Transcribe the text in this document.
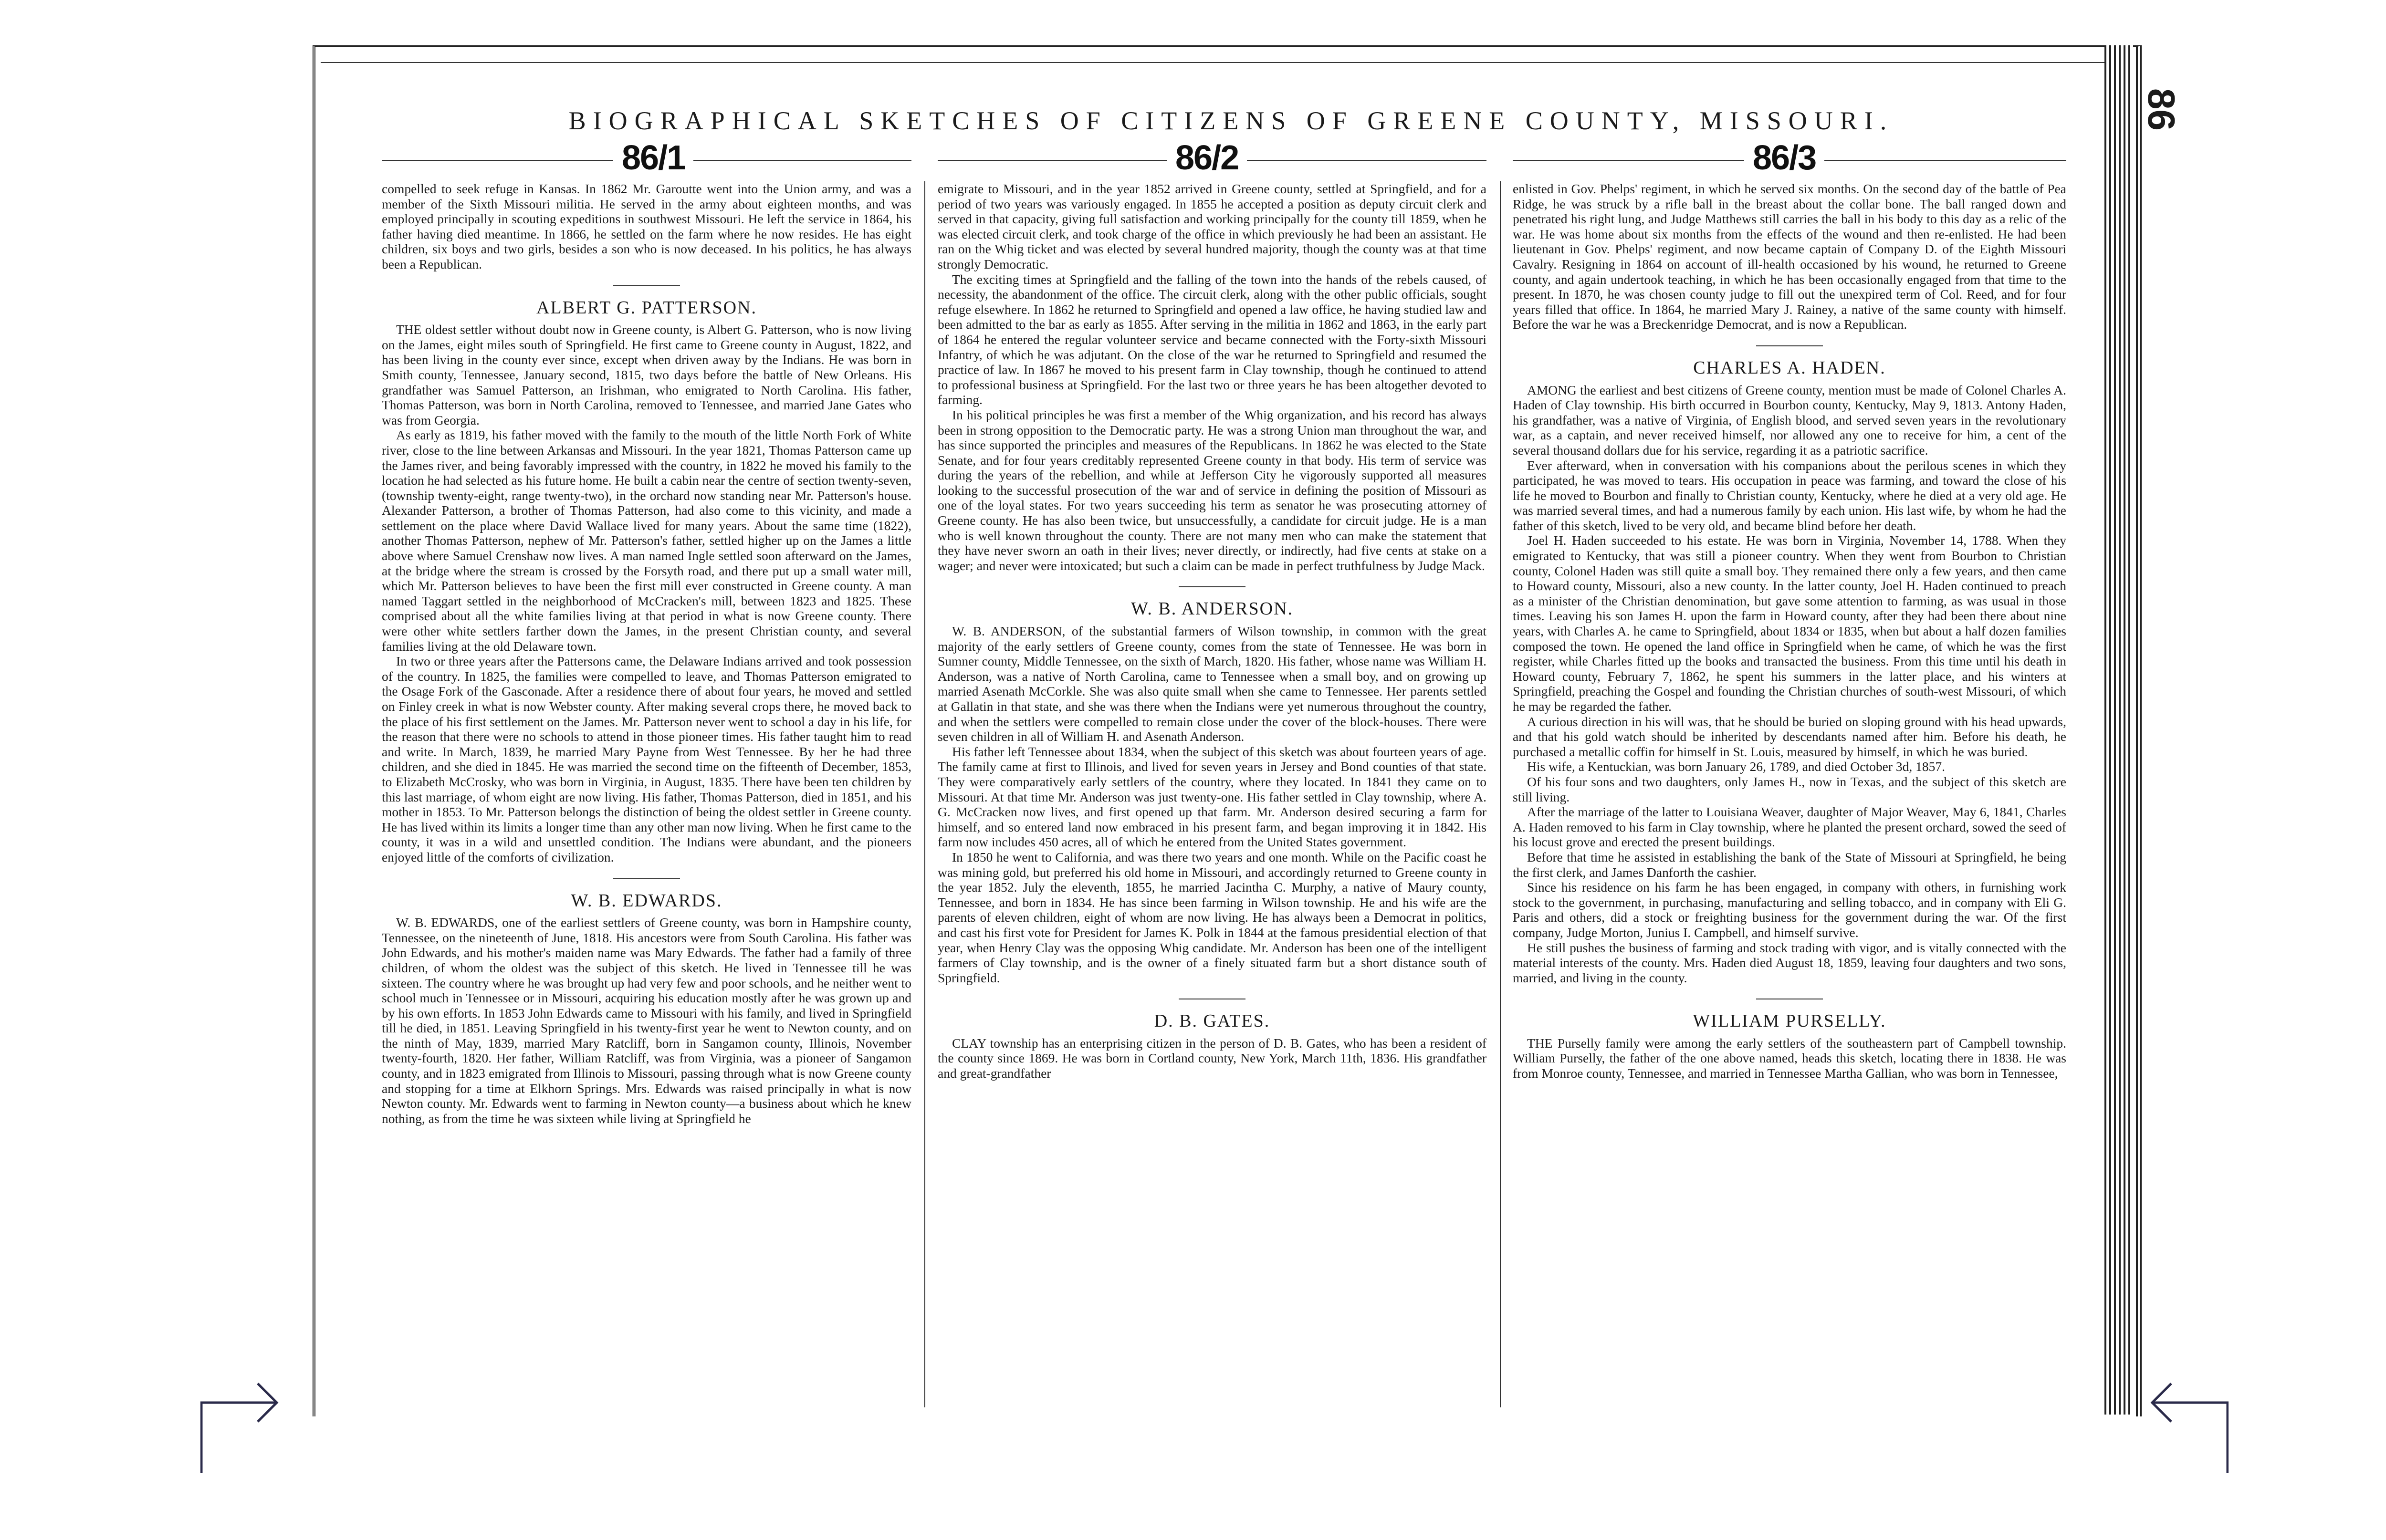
86
BIOGRAPHICAL SKETCHES OF CITIZENS OF GREENE COUNTY, MISSOURI.
86/1	86/2	86/3

compelled to seek refuge in Kansas. In 1862 Mr. Garoutte went into the Union army, and was a member of the Sixth Missouri militia. He served in the army about eighteen months, and was employed principally in scouting expeditions in southwest Missouri. He left the service in 1864, his father having died meantime. In 1866, he settled on the farm where he now resides. He has eight children, six boys and two girls, besides a son who is now deceased. In his politics, he has always been a Republican.

ALBERT G. PATTERSON.

THE oldest settler without doubt now in Greene county, is Albert G. Patterson, who is now living on the James, eight miles south of Springfield. He first came to Greene county in August, 1822, and has been living in the county ever since, except when driven away by the Indians. He was born in Smith county, Tennessee, January second, 1815, two days before the battle of New Orleans. His grandfather was Samuel Patterson, an Irishman, who emigrated to North Carolina. His father, Thomas Patterson, was born in North Carolina, removed to Tennessee, and married Jane Gates who was from Georgia.

As early as 1819, his father moved with the family to the mouth of the little North Fork of White river, close to the line between Arkansas and Missouri. In the year 1821, Thomas Patterson came up the James river, and being favorably impressed with the country, in 1822 he moved his family to the location he had selected as his future home. He built a cabin near the centre of section twenty-seven, (township twenty-eight, range twenty-two), in the orchard now standing near Mr. Patterson's house. Alexander Patterson, a brother of Thomas Patterson, had also come to this vicinity, and made a settlement on the place where David Wallace lived for many years. About the same time (1822), another Thomas Patterson, nephew of Mr. Patterson's father, settled higher up on the James a little above where Samuel Crenshaw now lives. A man named Ingle settled soon afterward on the James, at the bridge where the stream is crossed by the Forsyth road, and there put up a small water mill, which Mr. Patterson believes to have been the first mill ever constructed in Greene county. A man named Taggart settled in the neighborhood of McCracken's mill, between 1823 and 1825. These comprised about all the white families living at that period in what is now Greene county. There were other white settlers farther down the James, in the present Christian county, and several families living at the old Delaware town.

In two or three years after the Pattersons came, the Delaware Indians arrived and took possession of the country. In 1825, the families were compelled to leave, and Thomas Patterson emigrated to the Osage Fork of the Gasconade. After a residence there of about four years, he moved and settled on Finley creek in what is now Webster county. After making several crops there, he moved back to the place of his first settlement on the James. Mr. Patterson never went to school a day in his life, for the reason that there were no schools to attend in those pioneer times. His father taught him to read and write. In March, 1839, he married Mary Payne from West Tennessee. By her he had three children, and she died in 1845. He was married the second time on the fifteenth of December, 1853, to Elizabeth McCrosky, who was born in Virginia, in August, 1835. There have been ten children by this last marriage, of whom eight are now living. His father, Thomas Patterson, died in 1851, and his mother in 1853. To Mr. Patterson belongs the distinction of being the oldest settler in Greene county. He has lived within its limits a longer time than any other man now living. When he first came to the county, it was in a wild and unsettled condition. The Indians were abundant, and the pioneers enjoyed little of the comforts of civilization.

W. B. EDWARDS.

W. B. EDWARDS, one of the earliest settlers of Greene county, was born in Hampshire county, Tennessee, on the nineteenth of June, 1818. His ancestors were from South Carolina. His father was John Edwards, and his mother's maiden name was Mary Edwards. The father had a family of three children, of whom the oldest was the subject of this sketch. He lived in Tennessee till he was sixteen. The country where he was brought up had very few and poor schools, and he neither went to school much in Tennessee or in Missouri, acquiring his education mostly after he was grown up and by his own efforts. In 1853 John Edwards came to Missouri with his family, and lived in Springfield till he died, in 1851. Leaving Springfield in his twenty-first year he went to Newton county, and on the ninth of May, 1839, married Mary Ratcliff, born in Sangamon county, Illinois, November twenty-fourth, 1820. Her father, William Ratcliff, was from Virginia, was a pioneer of Sangamon county, and in 1823 emigrated from Illinois to Missouri, passing through what is now Greene county and stopping for a time at Elkhorn Springs. Mrs. Edwards was raised principally in what is now Newton county. Mr. Edwards went to farming in Newton county—a business about which he knew nothing, as from the time he was sixteen while living at Springfield he

emigrate to Missouri, and in the year 1852 arrived in Greene county, settled at Springfield, and for a period of two years was variously engaged. In 1855 he accepted a position as deputy circuit clerk and served in that capacity, giving full satisfaction and working principally for the county till 1859, when he was elected circuit clerk, and took charge of the office in which previously he had been an assistant. He ran on the Whig ticket and was elected by several hundred majority, though the county was at that time strongly Democratic.

The exciting times at Springfield and the falling of the town into the hands of the rebels caused, of necessity, the abandonment of the office. The circuit clerk, along with the other public officials, sought refuge elsewhere. In 1862 he returned to Springfield and opened a law office, he having studied law and been admitted to the bar as early as 1855. After serving in the militia in 1862 and 1863, in the early part of 1864 he entered the regular volunteer service and became connected with the Forty-sixth Missouri Infantry, of which he was adjutant. On the close of the war he returned to Springfield and resumed the practice of law. In 1867 he moved to his present farm in Clay township, though he continued to attend to professional business at Springfield. For the last two or three years he has been altogether devoted to farming.

In his political principles he was first a member of the Whig organization, and his record has always been in strong opposition to the Democratic party. He was a strong Union man throughout the war, and has since supported the principles and measures of the Republicans. In 1862 he was elected to the State Senate, and for four years creditably represented Greene county in that body. His term of service was during the years of the rebellion, and while at Jefferson City he vigorously supported all measures looking to the successful prosecution of the war and of service in defining the position of Missouri as one of the loyal states. For two years succeeding his term as senator he was prosecuting attorney of Greene county. He has also been twice, but unsuccessfully, a candidate for circuit judge. He is a man who is well known throughout the county. There are not many men who can make the statement that they have never sworn an oath in their lives; never directly, or indirectly, had five cents at stake on a wager; and never were intoxicated; but such a claim can be made in perfect truthfulness by Judge Mack.

W. B. ANDERSON.

W. B. ANDERSON, of the substantial farmers of Wilson township, in common with the great majority of the early settlers of Greene county, comes from the state of Tennessee. He was born in Sumner county, Middle Tennessee, on the sixth of March, 1820. His father, whose name was William H. Anderson, was a native of North Carolina, came to Tennessee when a small boy, and on growing up married Asenath McCorkle. She was also quite small when she came to Tennessee. Her parents settled at Gallatin in that state, and she was there when the Indians were yet numerous throughout the country, and when the settlers were compelled to remain close under the cover of the block-houses. There were seven children in all of William H. and Asenath Anderson.

His father left Tennessee about 1834, when the subject of this sketch was about fourteen years of age. The family came at first to Illinois, and lived for seven years in Jersey and Bond counties of that state. They were comparatively early settlers of the country, where they located. In 1841 they came on to Missouri. At that time Mr. Anderson was just twenty-one. His father settled in Clay township, where A. G. McCracken now lives, and first opened up that farm. Mr. Anderson desired securing a farm for himself, and so entered land now embraced in his present farm, and began improving it in 1842. His farm now includes 450 acres, all of which he entered from the United States government.

In 1850 he went to California, and was there two years and one month. While on the Pacific coast he was mining gold, but preferred his old home in Missouri, and accordingly returned to Greene county in the year 1852. July the eleventh, 1855, he married Jacintha C. Murphy, a native of Maury county, Tennessee, and born in 1834. He has since been farming in Wilson township. He and his wife are the parents of eleven children, eight of whom are now living. He has always been a Democrat in politics, and cast his first vote for President for James K. Polk in 1844 at the famous presidential election of that year, when Henry Clay was the opposing Whig candidate. Mr. Anderson has been one of the intelligent farmers of Clay township, and is the owner of a finely situated farm but a short distance south of Springfield.

D. B. GATES.

CLAY township has an enterprising citizen in the person of D. B. Gates, who has been a resident of the county since 1869. He was born in Cortland county, New York, March 11th, 1836. His grandfather and great-grandfather

enlisted in Gov. Phelps' regiment, in which he served six months. On the second day of the battle of Pea Ridge, he was struck by a rifle ball in the breast about the collar bone. The ball ranged down and penetrated his right lung, and Judge Matthews still carries the ball in his body to this day as a relic of the war. He was home about six months from the effects of the wound and then re-enlisted. He had been lieutenant in Gov. Phelps' regiment, and now became captain of Company D. of the Eighth Missouri Cavalry. Resigning in 1864 on account of ill-health occasioned by his wound, he returned to Greene county, and again undertook teaching, in which he has been occasionally engaged from that time to the present. In 1870, he was chosen county judge to fill out the unexpired term of Col. Reed, and for four years filled that office. In 1864, he married Mary J. Rainey, a native of the same county with himself. Before the war he was a Breckenridge Democrat, and is now a Republican.

CHARLES A. HADEN.

AMONG the earliest and best citizens of Greene county, mention must be made of Colonel Charles A. Haden of Clay township. His birth occurred in Bourbon county, Kentucky, May 9, 1813. Antony Haden, his grandfather, was a native of Virginia, of English blood, and served seven years in the revolutionary war, as a captain, and never received himself, nor allowed any one to receive for him, a cent of the several thousand dollars due for his service, regarding it as a patriotic sacrifice.

Ever afterward, when in conversation with his companions about the perilous scenes in which they participated, he was moved to tears. His occupation in peace was farming, and toward the close of his life he moved to Bourbon and finally to Christian county, Kentucky, where he died at a very old age. He was married several times, and had a numerous family by each union. His last wife, by whom he had the father of this sketch, lived to be very old, and became blind before her death.

Joel H. Haden succeeded to his estate. He was born in Virginia, November 14, 1788. When they emigrated to Kentucky, that was still a pioneer country. When they went from Bourbon to Christian county, Colonel Haden was still quite a small boy. They remained there only a few years, and then came to Howard county, Missouri, also a new county. In the latter county, Joel H. Haden continued to preach as a minister of the Christian denomination, but gave some attention to farming, as was usual in those times. Leaving his son James H. upon the farm in Howard county, after they had been there about nine years, with Charles A. he came to Springfield, about 1834 or 1835, when but about a half dozen families composed the town. He opened the land office in Springfield when he came, of which he was the first register, while Charles fitted up the books and transacted the business. From this time until his death in Howard county, February 7, 1862, he spent his summers in the latter place, and his winters at Springfield, preaching the Gospel and founding the Christian churches of south-west Missouri, of which he may be regarded the father.

A curious direction in his will was, that he should be buried on sloping ground with his head upwards, and that his gold watch should be inherited by descendants named after him. Before his death, he purchased a metallic coffin for himself in St. Louis, measured by himself, in which he was buried.

His wife, a Kentuckian, was born January 26, 1789, and died October 3d, 1857.

Of his four sons and two daughters, only James H., now in Texas, and the subject of this sketch are still living.

After the marriage of the latter to Louisiana Weaver, daughter of Major Weaver, May 6, 1841, Charles A. Haden removed to his farm in Clay township, where he planted the present orchard, sowed the seed of his locust grove and erected the present buildings.

Before that time he assisted in establishing the bank of the State of Missouri at Springfield, he being the first clerk, and James Danforth the cashier.

Since his residence on his farm he has been engaged, in company with others, in furnishing work stock to the government, in purchasing, manufacturing and selling tobacco, and in company with Eli G. Paris and others, did a stock or freighting business for the government during the war. Of the first company, Judge Morton, Junius I. Campbell, and himself survive.

He still pushes the business of farming and stock trading with vigor, and is vitally connected with the material interests of the county. Mrs. Haden died August 18, 1859, leaving four daughters and two sons, married, and living in the county.

WILLIAM PURSELLY.

THE Purselly family were among the early settlers of the southeastern part of Campbell township. William Purselly, the father of the one above named, heads this sketch, locating there in 1838. He was from Monroe county, Tennessee, and married in Tennessee Martha Gallian, who was born in Tennessee,
